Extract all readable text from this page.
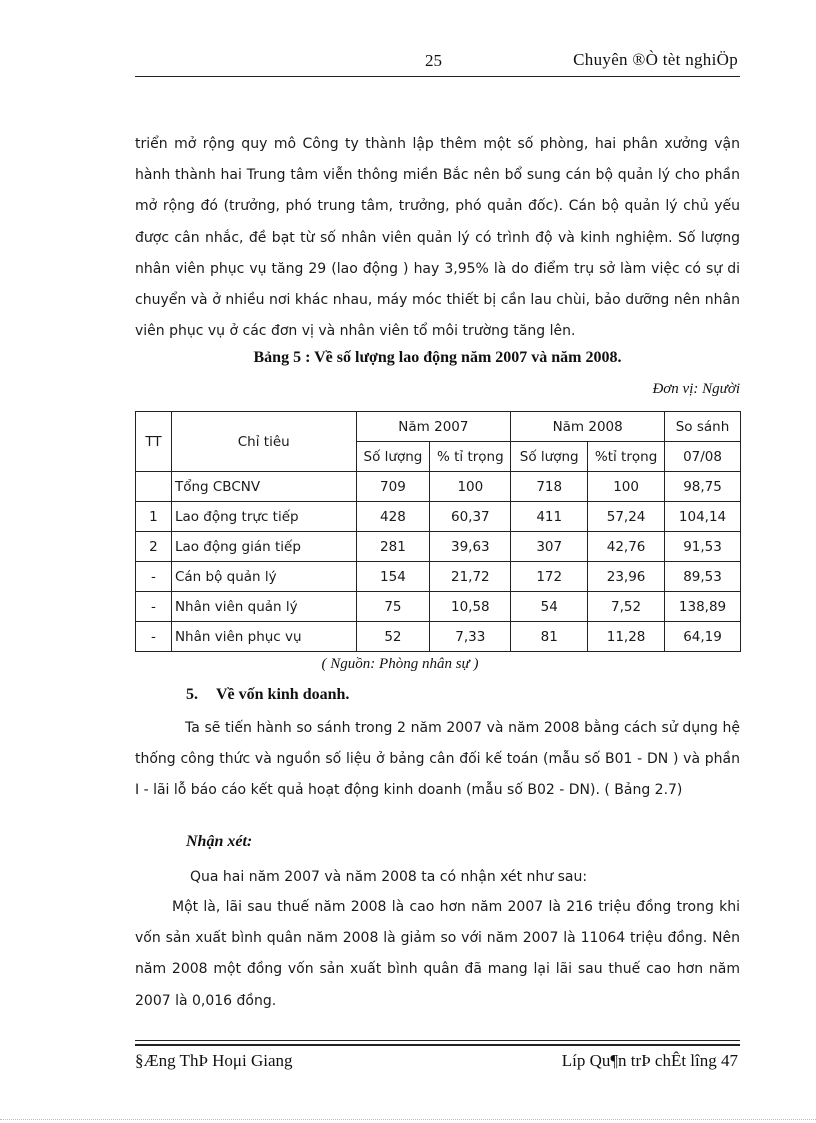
25	Chuyên ®Ò tèt nghiÖp
triển mở rộng quy mô Công ty thành lập thêm một số phòng, hai phân xưởng vận hành thành hai Trung tâm viễn thông miền Bắc nên bổ sung cán bộ quản lý cho phần mở rộng đó (trưởng, phó trung tâm, trưởng, phó quản đốc). Cán bộ quản lý chủ yếu được cân nhắc, đề bạt từ số nhân viên quản lý có trình độ và kinh nghiệm. Số lượng nhân viên phục vụ tăng 29 (lao động ) hay 3,95% là do điểm trụ sở làm việc có sự di chuyển và ở nhiều nơi khác nhau, máy móc thiết bị cần lau chùi, bảo dưỡng nên nhân viên phục vụ ở các đơn vị và nhân viên tổ môi trường tăng lên.
Bảng 5 : Về số lượng lao động năm 2007 và năm 2008.
Đơn vị: Người
TT	Chỉ tiêu	Năm 2007		Năm 2008		So sánh
		Số lượng	% tỉ trọng	Số lượng	%tỉ trọng	07/08
	Tổng CBCNV	709	100	718	100	98,75
1	Lao động trực tiếp	428	60,37	411	57,24	104,14
2	Lao động gián tiếp	281	39,63	307	42,76	91,53
-	Cán bộ quản lý	154	21,72	172	23,96	89,53
-	Nhân viên quản lý	75	10,58	54	7,52	138,89
-	Nhân viên phục vụ	52	7,33	81	11,28	64,19
( Nguồn: Phòng nhân sự )
5. Về vốn kinh doanh.
Ta sẽ tiến hành so sánh trong 2 năm 2007 và năm 2008 bằng cách sử dụng hệ thống công thức và nguồn số liệu ở bảng cân đối kế toán (mẫu số B01 - DN ) và phần I - lãi lỗ báo cáo kết quả hoạt động kinh doanh (mẫu số B02 - DN). ( Bảng 2.7)
Nhận xét:
Qua hai năm 2007 và năm 2008 ta có nhận xét như sau:
Một là, lãi sau thuế năm 2008 là cao hơn năm 2007 là 216 triệu đồng trong khi vốn sản xuất bình quân năm 2008 là giảm so với năm 2007 là 11064 triệu đồng. Nên năm 2008 một đồng vốn sản xuất bình quân đã mang lại lãi sau thuế cao hơn năm 2007 là 0,016 đồng.
§Æng ThÞ Hoμi Giang	Líp Qu¶n trÞ chÊt lîng 47
